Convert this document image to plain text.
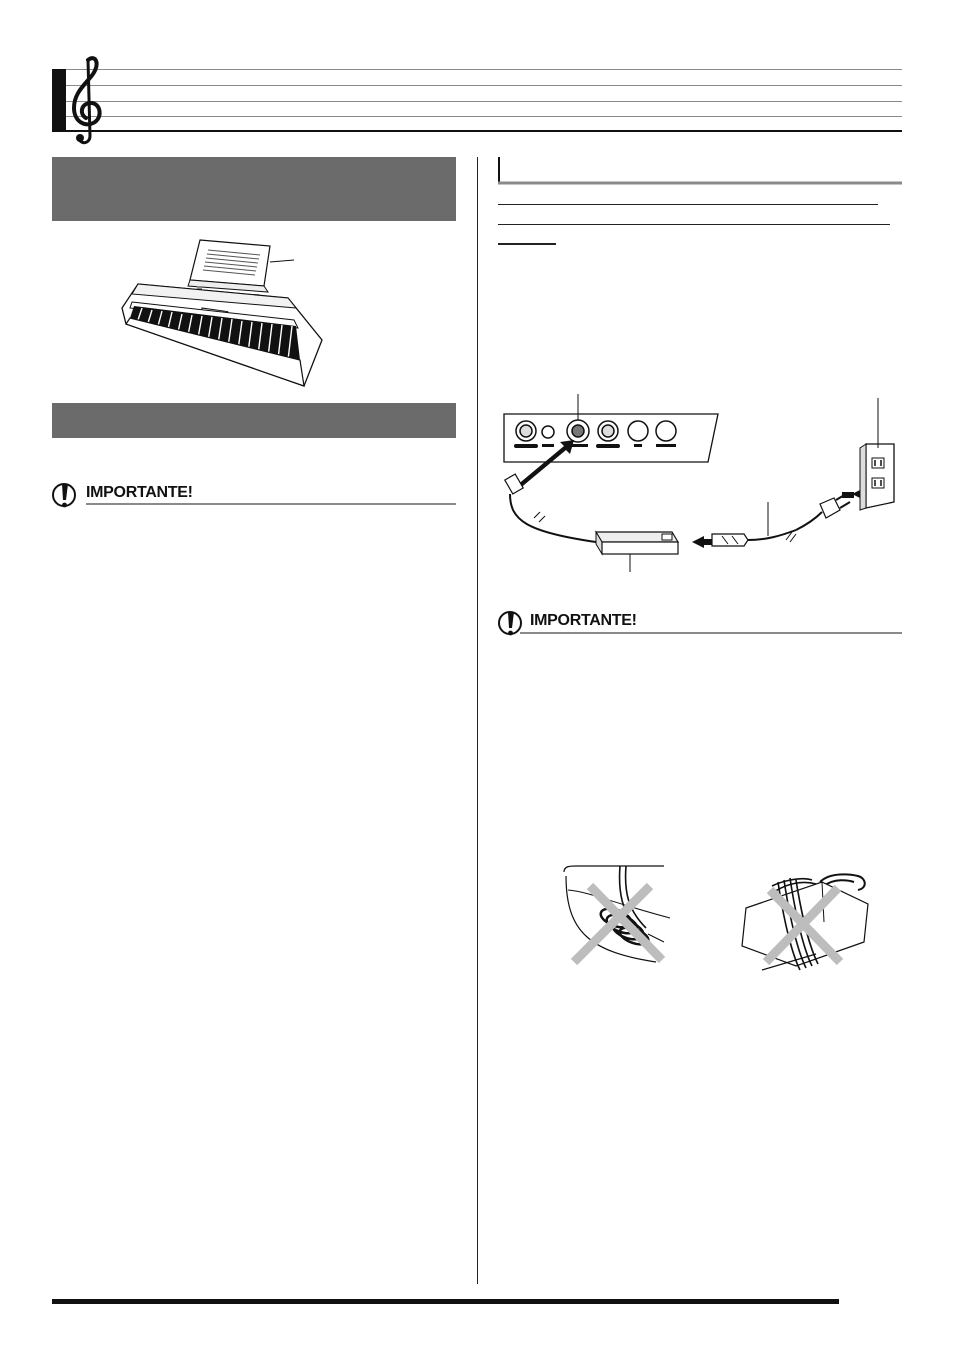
IMPORTANTE!
IMPORTANTE!
